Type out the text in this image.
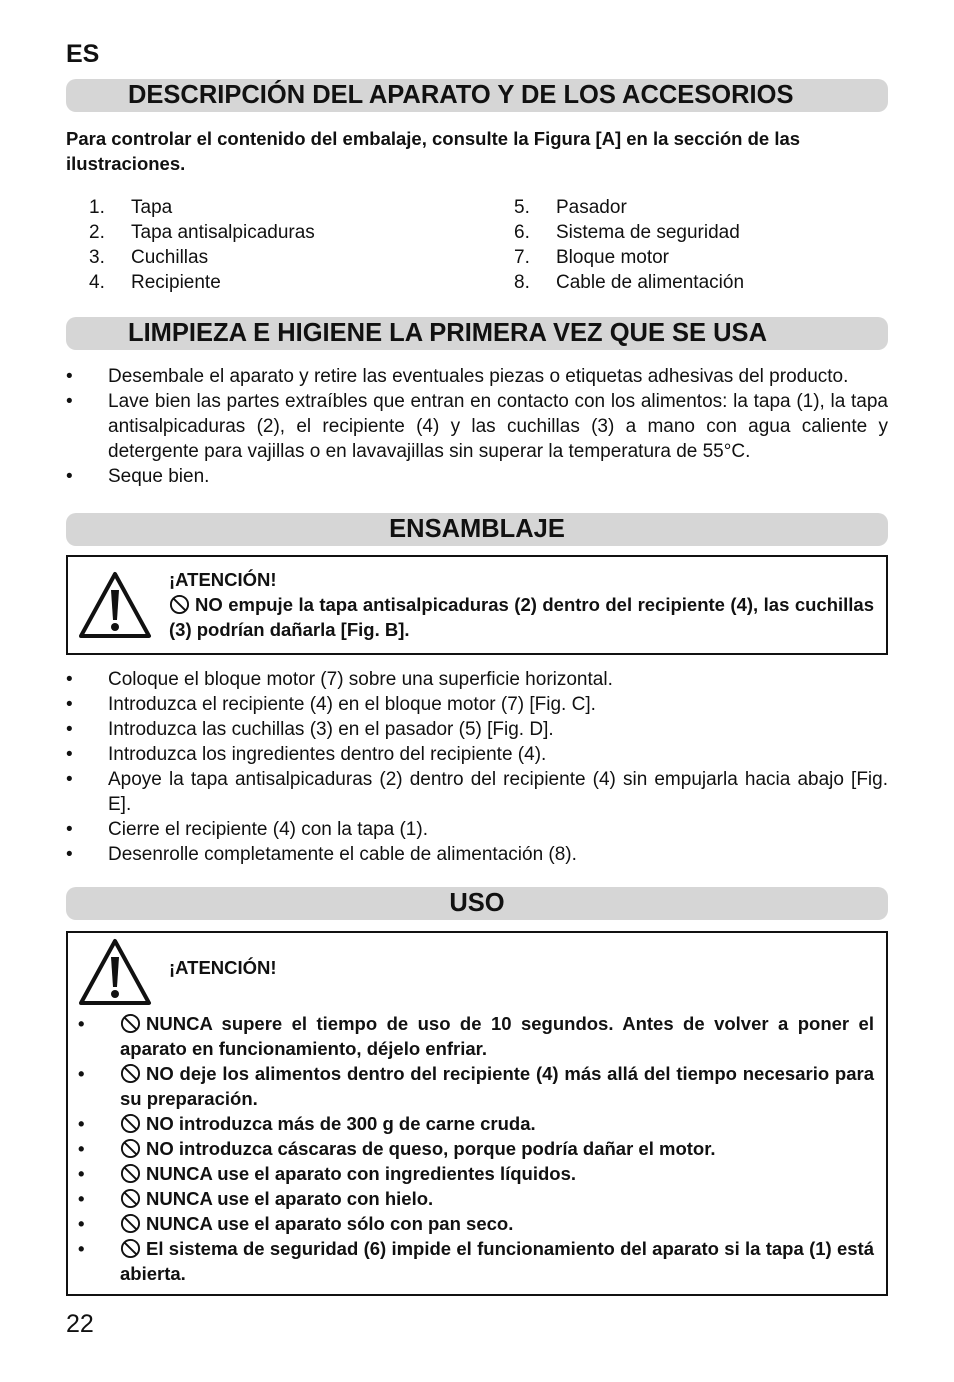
ES
DESCRIPCIÓN DEL APARATO Y DE LOS ACCESORIOS
Para controlar el contenido del embalaje, consulte la Figura [A] en la sección de las ilustraciones.
1.	Tapa
2.	Tapa antisalpicaduras
3.	Cuchillas
4.	Recipiente
5.	Pasador
6.	Sistema de seguridad
7.	Bloque motor
8.	Cable de alimentación
LIMPIEZA E HIGIENE LA PRIMERA VEZ QUE SE USA
•	Desembale el aparato y retire las eventuales piezas o etiquetas adhesivas del producto.
•	Lave bien las partes extraíbles que entran en contacto con los alimentos: la tapa (1), la tapa antisalpicaduras (2), el recipiente (4) y las cuchillas (3) a mano con agua caliente y detergente para vajillas o en lavavajillas sin superar la temperatura de 55°C.
•	Seque bien.
ENSAMBLAJE
¡ATENCIÓN!
NO empuje la tapa antisalpicaduras (2) dentro del recipiente (4), las cuchillas (3) podrían dañarla [Fig. B].
•	Coloque el bloque motor (7) sobre una superficie horizontal.
•	Introduzca el recipiente (4) en el bloque motor (7) [Fig. C].
•	Introduzca las cuchillas (3) en el pasador (5) [Fig. D].
•	Introduzca los ingredientes dentro del recipiente (4).
•	Apoye la tapa antisalpicaduras (2) dentro del recipiente (4) sin empujarla hacia abajo [Fig. E].
•	Cierre el recipiente (4) con la tapa (1).
•	Desenrolle completamente el cable de alimentación (8).
USO
¡ATENCIÓN!
•	NUNCA supere el tiempo de uso de 10 segundos. Antes de volver a poner el aparato en funcionamiento, déjelo enfriar.
•	NO deje los alimentos dentro del recipiente (4) más allá del tiempo necesario para su preparación.
•	NO introduzca más de 300 g de carne cruda.
•	NO introduzca cáscaras de queso, porque podría dañar el motor.
•	NUNCA use el aparato con ingredientes líquidos.
•	NUNCA use el aparato con hielo.
•	NUNCA use el aparato sólo con pan seco.
•	El sistema de seguridad (6) impide el funcionamiento del aparato si la tapa (1) está abierta.
22
